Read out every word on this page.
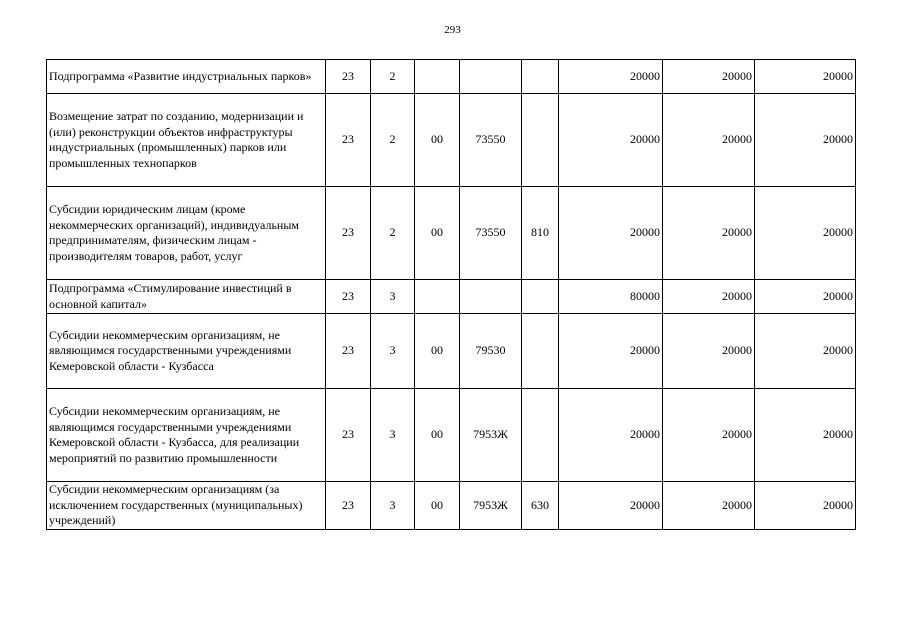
293
Подпрограмма «Развитие индустриальных парков»	23	2				20000	20000	20000
Возмещение затрат по созданию, модернизации и (или) реконструкции объектов инфраструктуры индустриальных (промышленных) парков или промышленных технопарков	23	2	00	73550		20000	20000	20000
Субсидии юридическим лицам (кроме некоммерческих организаций), индивидуальным предпринимателям, физическим лицам - производителям товаров, работ, услуг	23	2	00	73550	810	20000	20000	20000
Подпрограмма «Стимулирование инвестиций в основной капитал»	23	3				80000	20000	20000
Субсидии некоммерческим организациям, не являющимся государственными учреждениями Кемеровской области - Кузбасса	23	3	00	79530		20000	20000	20000
Субсидии некоммерческим организациям, не являющимся государственными учреждениями Кемеровской области - Кузбасса, для реализации мероприятий по развитию промышленности	23	3	00	7953Ж		20000	20000	20000
Субсидии некоммерческим организациям (за исключением государственных (муниципальных) учреждений)	23	3	00	7953Ж	630	20000	20000	20000
